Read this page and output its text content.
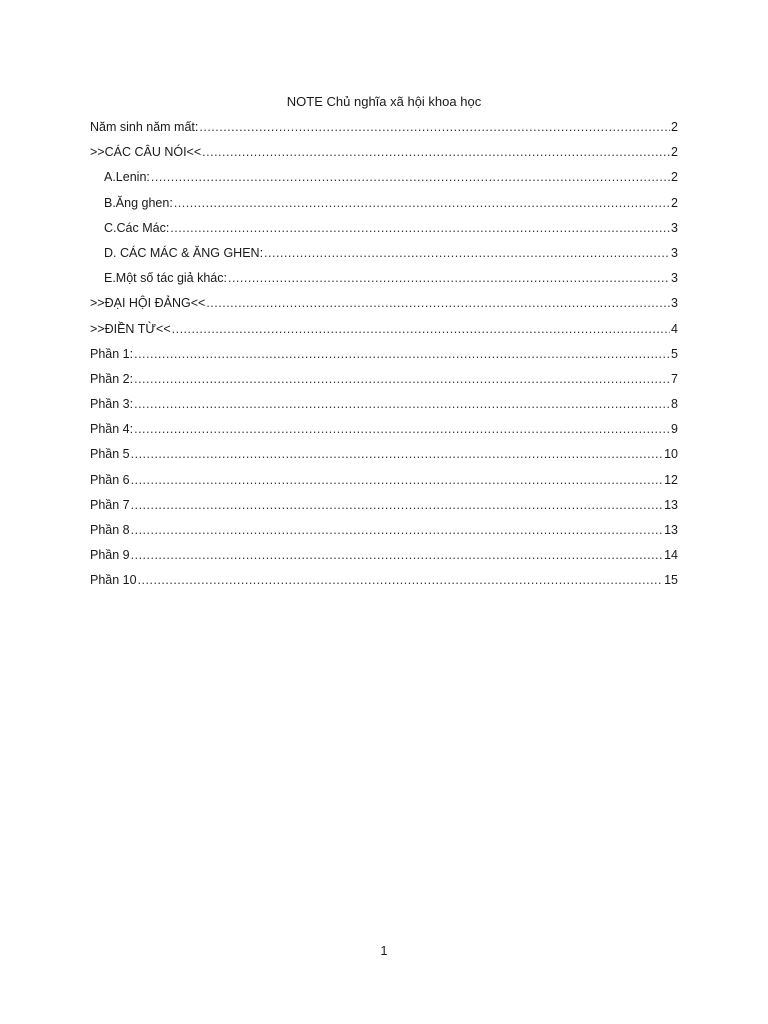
NOTE Chủ nghĩa xã hội khoa học
Năm sinh năm mất: .....	2
>>CÁC CÂU NÓI<< .....	2
A.Lenin: .....	2
B.Ăng ghen: .....	2
C.Các Mác: .....	3
D. CÁC MÁC & ĂNG GHEN: .....	3
E.Một số tác giả khác: .....	3
>>ĐẠI HỘI ĐẢNG<< .....	3
>>ĐIỀN TỪ<< .....	4
Phần 1: .....	5
Phần 2: .....	7
Phần 3: .....	8
Phần 4: .....	9
Phần 5 .....	10
Phần 6 .....	12
Phần 7 .....	13
Phần 8 .....	13
Phần 9 .....	14
Phần 10 .....	15
1
